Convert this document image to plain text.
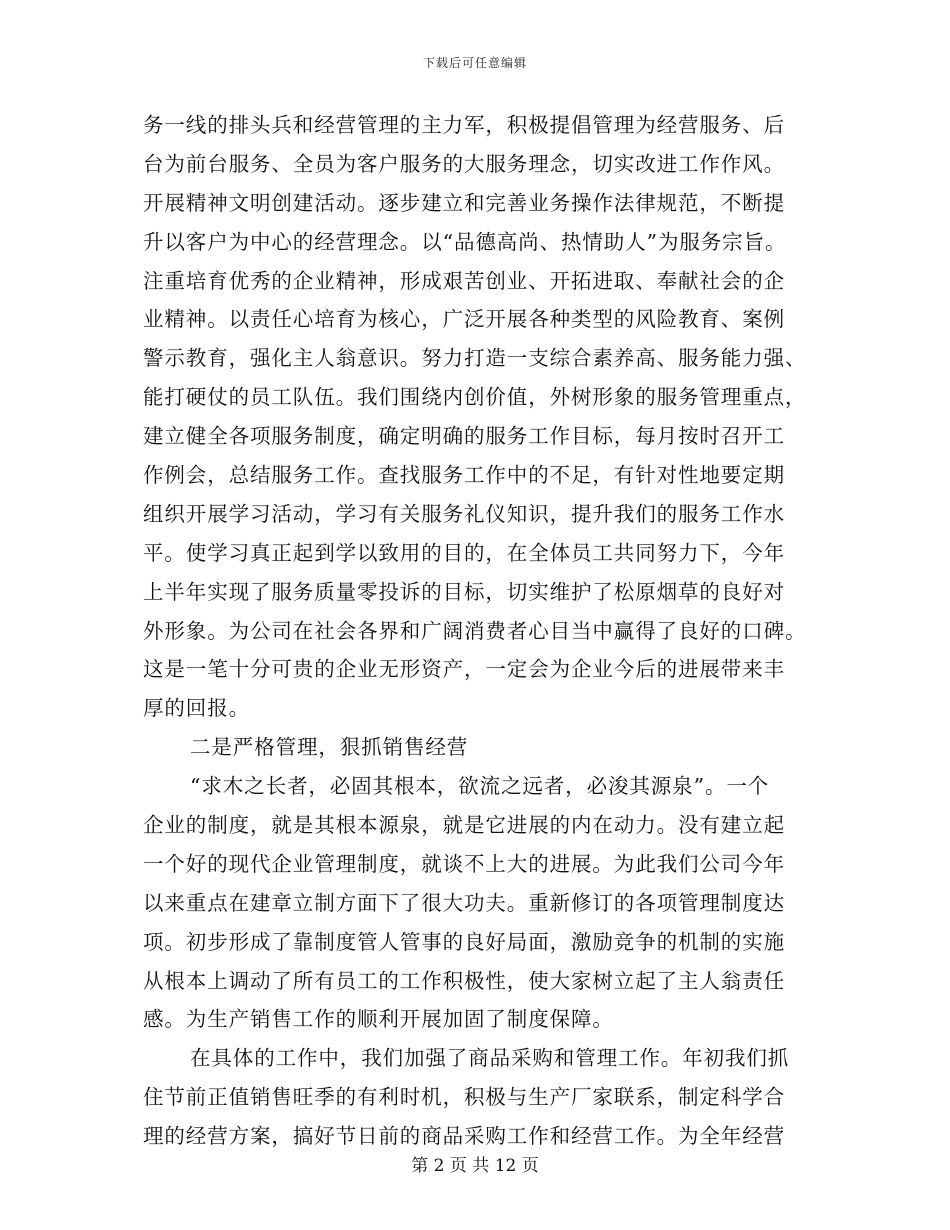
下载后可任意编辑
务一线的排头兵和经营管理的主力军，积极提倡管理为经营服务、后
台为前台服务、全员为客户服务的大服务理念，切实改进工作作风。
开展精神文明创建活动。逐步建立和完善业务操作法律规范，不断提
升以客户为中心的经营理念。以“品德高尚、热情助人”为服务宗旨。
注重培育优秀的企业精神，形成艰苦创业、开拓进取、奉献社会的企
业精神。以责任心培育为核心，广泛开展各种类型的风险教育、案例
警示教育，强化主人翁意识。努力打造一支综合素养高、服务能力强、
能打硬仗的员工队伍。我们围绕内创价值，外树形象的服务管理重点，
建立健全各项服务制度，确定明确的服务工作目标，每月按时召开工
作例会，总结服务工作。查找服务工作中的不足，有针对性地要定期
组织开展学习活动，学习有关服务礼仪知识，提升我们的服务工作水
平。使学习真正起到学以致用的目的，在全体员工共同努力下，今年
上半年实现了服务质量零投诉的目标，切实维护了松原烟草的良好对
外形象。为公司在社会各界和广阔消费者心目当中赢得了良好的口碑。
这是一笔十分可贵的企业无形资产，一定会为企业今后的进展带来丰
厚的回报。
二是严格管理，狠抓销售经营
“求木之长者，必固其根本，欲流之远者，必浚其源泉”。一个
企业的制度，就是其根本源泉，就是它进展的内在动力。没有建立起
一个好的现代企业管理制度，就谈不上大的进展。为此我们公司今年
以来重点在建章立制方面下了很大功夫。重新修订的各项管理制度达
项。初步形成了靠制度管人管事的良好局面，激励竞争的机制的实施
从根本上调动了所有员工的工作积极性，使大家树立起了主人翁责任
感。为生产销售工作的顺利开展加固了制度保障。
在具体的工作中，我们加强了商品采购和管理工作。年初我们抓
住节前正值销售旺季的有利时机，积极与生产厂家联系，制定科学合
理的经营方案，搞好节日前的商品采购工作和经营工作。为全年经营
第 2 页 共 12 页
